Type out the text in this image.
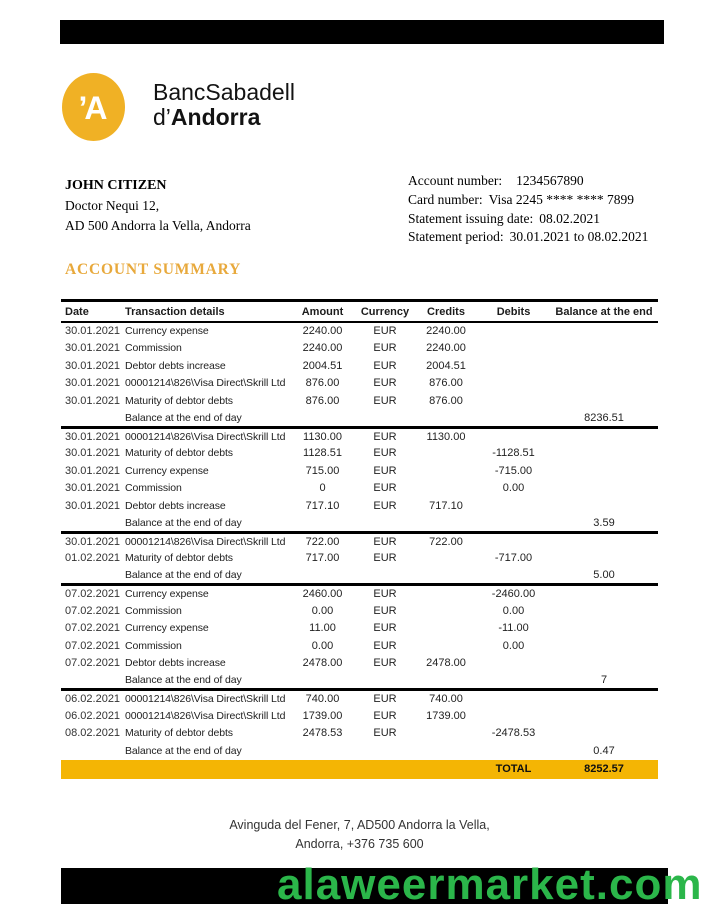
’A BancSabadell
d’Andorra
JOHN CITIZEN
Doctor Nequi 12,
AD 500 Andorra la Vella, Andorra
Account number: 1234567890
Card number: Visa 2245 **** **** 7899
Statement issuing date: 08.02.2021
Statement period: 30.01.2021 to 08.02.2021
ACCOUNT SUMMARY
Date	Transaction details	Amount	Currency	Credits	Debits	Balance at the end
30.01.2021	Currency expense	2240.00	EUR	2240.00		
30.01.2021	Commission	2240.00	EUR	2240.00		
30.01.2021	Debtor debts increase	2004.51	EUR	2004.51		
30.01.2021	00001214\826\Visa Direct\Skrill Ltd	876.00	EUR	876.00		
30.01.2021	Maturity of debtor debts	876.00	EUR	876.00		
	Balance at the end of day					8236.51
30.01.2021	00001214\826\Visa Direct\Skrill Ltd	1130.00	EUR	1130.00		
30.01.2021	Maturity of debtor debts	1128.51	EUR		-1128.51	
30.01.2021	Currency expense	715.00	EUR		-715.00	
30.01.2021	Commission	0	EUR		0.00	
30.01.2021	Debtor debts increase	717.10	EUR	717.10		
	Balance at the end of day					3.59
30.01.2021	00001214\826\Visa Direct\Skrill Ltd	722.00	EUR	722.00		
01.02.2021	Maturity of debtor debts	717.00	EUR		-717.00	
	Balance at the end of day					5.00
07.02.2021	Currency expense	2460.00	EUR		-2460.00	
07.02.2021	Commission	0.00	EUR		0.00	
07.02.2021	Currency expense	11.00	EUR		-11.00	
07.02.2021	Commission	0.00	EUR		0.00	
07.02.2021	Debtor debts increase	2478.00	EUR	2478.00		
	Balance at the end of day					7
06.02.2021	00001214\826\Visa Direct\Skrill Ltd	740.00	EUR	740.00		
06.02.2021	00001214\826\Visa Direct\Skrill Ltd	1739.00	EUR	1739.00		
08.02.2021	Maturity of debtor debts	2478.53	EUR		-2478.53	
	Balance at the end of day					0.47
					TOTAL	8252.57
Avinguda del Fener, 7, AD500 Andorra la Vella,
Andorra, +376 735 600
alaweermarket.com
